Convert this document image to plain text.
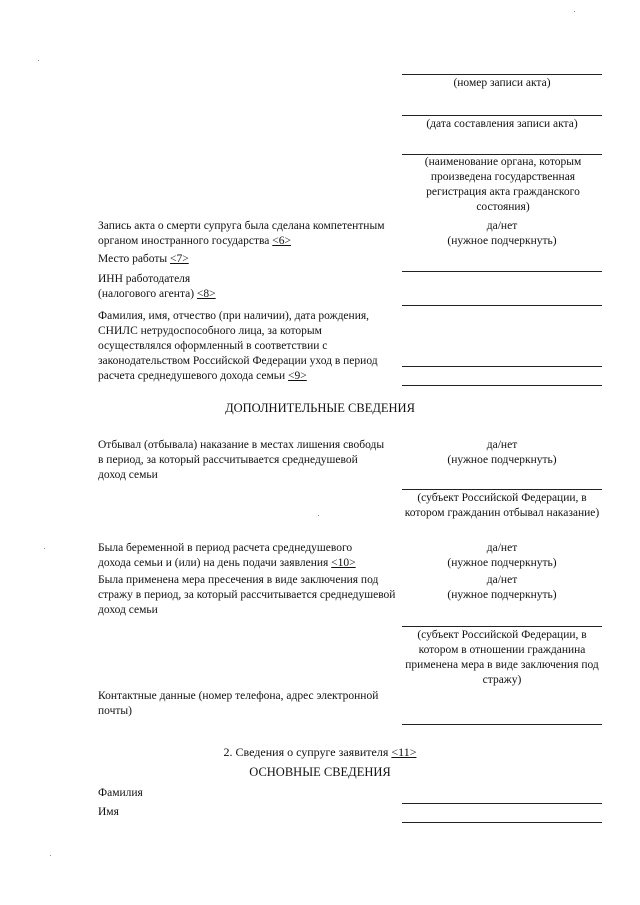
(номер записи акта)
(дата составления записи акта)
(наименование органа, которым произведена государственная регистрация акта гражданского состояния)
Запись акта о смерти супруга была сделана компетентным органом иностранного государства <6>
да/нет
(нужное подчеркнуть)
Место работы <7>
ИНН работодателя (налогового агента) <8>
Фамилия, имя, отчество (при наличии), дата рождения, СНИЛС нетрудоспособного лица, за которым осуществлялся оформленный в соответствии с законодательством Российской Федерации уход в период расчета среднедушевого дохода семьи <9>
ДОПОЛНИТЕЛЬНЫЕ СВЕДЕНИЯ
Отбывал (отбывала) наказание в местах лишения свободы в период, за который рассчитывается среднедушевой доход семьи
да/нет
(нужное подчеркнуть)
(субъект Российской Федерации, в котором гражданин отбывал наказание)
Была беременной в период расчета среднедушевого дохода семьи и (или) на день подачи заявления <10>
да/нет
(нужное подчеркнуть)
Была применена мера пресечения в виде заключения под стражу в период, за который рассчитывается среднедушевой доход семьи
да/нет
(нужное подчеркнуть)
(субъект Российской Федерации, в котором в отношении гражданина применена мера в виде заключения под стражу)
Контактные данные (номер телефона, адрес электронной почты)
2. Сведения о супруге заявителя <11>
ОСНОВНЫЕ СВЕДЕНИЯ
Фамилия
Имя
